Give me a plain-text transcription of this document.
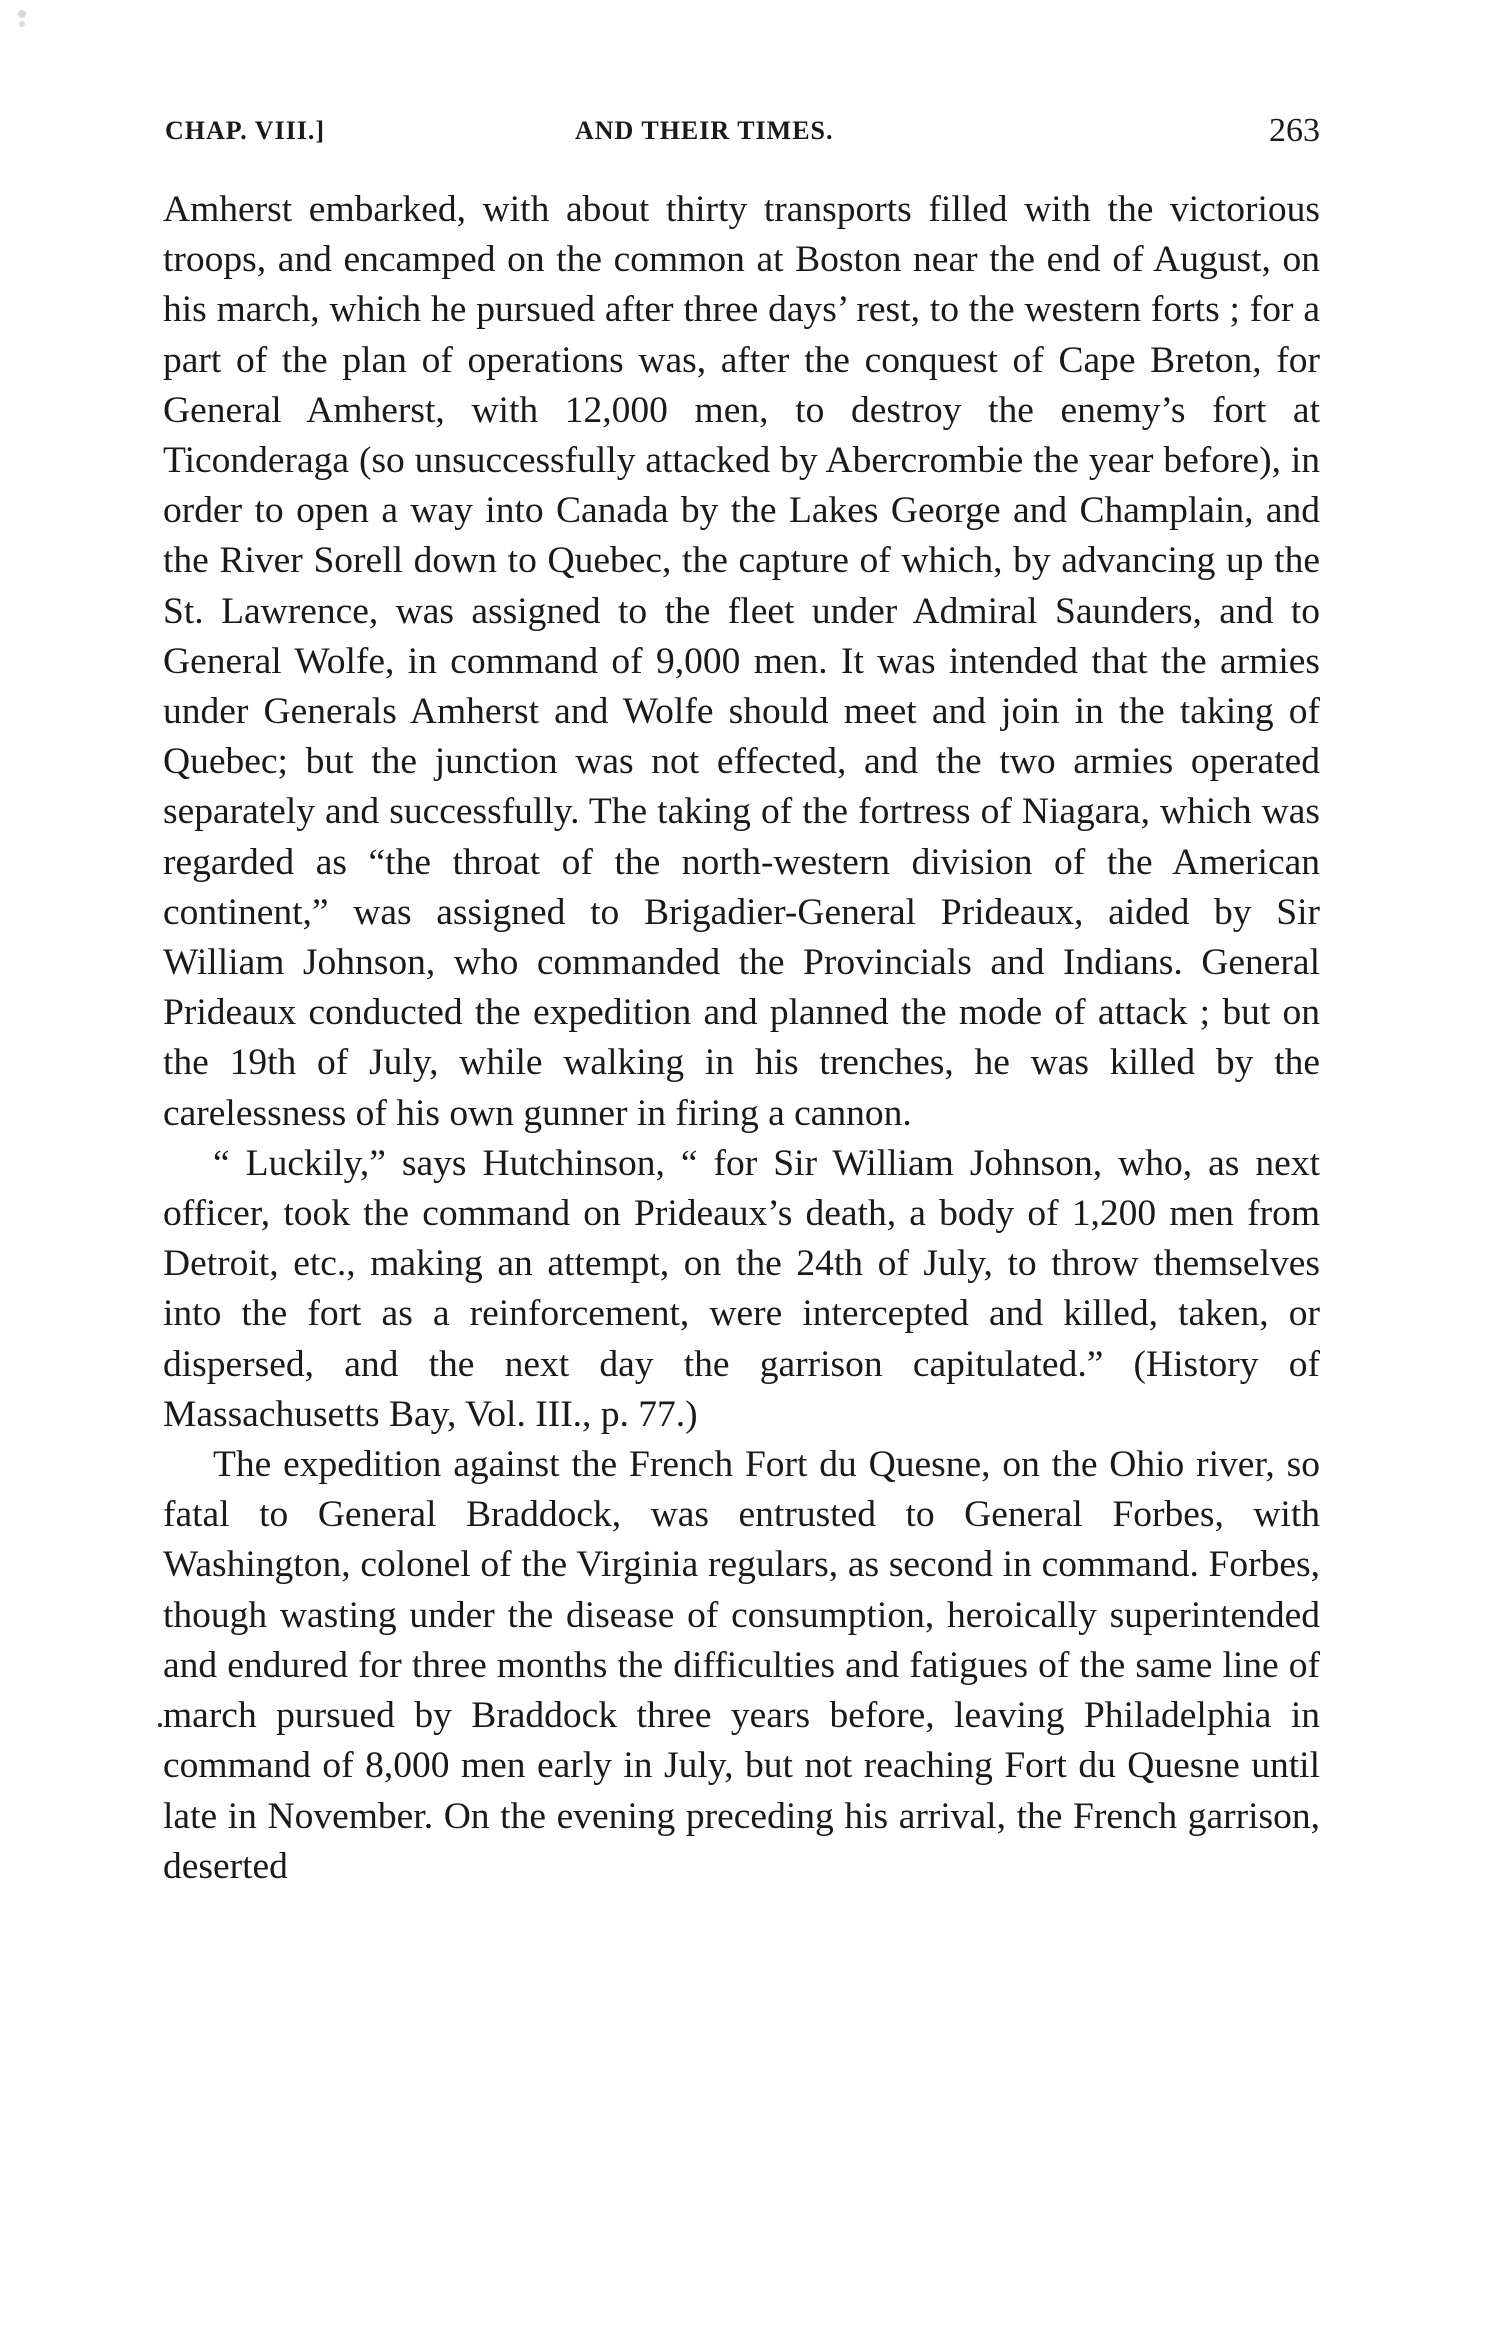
CHAP. VIII.]	AND THEIR TIMES.	263

Amherst embarked, with about thirty transports filled with the victorious troops, and encamped on the common at Boston near the end of August, on his march, which he pursued after three days’ rest, to the western forts ; for a part of the plan of operations was, after the conquest of Cape Breton, for General Amherst, with 12,000 men, to destroy the enemy’s fort at Ticonderaga (so unsuccessfully attacked by Abercrombie the year before), in order to open a way into Canada by the Lakes George and Champlain, and the River Sorell down to Quebec, the capture of which, by advancing up the St. Lawrence, was assigned to the fleet under Admiral Saunders, and to General Wolfe, in command of 9,000 men. It was intended that the armies under Generals Amherst and Wolfe should meet and join in the taking of Quebec; but the junction was not effected, and the two armies operated separately and successfully. The taking of the fortress of Niagara, which was regarded as “the throat of the north-western division of the American continent,” was assigned to Brigadier-General Prideaux, aided by Sir William Johnson, who commanded the Provincials and Indians. General Prideaux conducted the expedition and planned the mode of attack ; but on the 19th of July, while walking in his trenches, he was killed by the carelessness of his own gunner in firing a cannon.

“ Luckily,” says Hutchinson, “ for Sir William Johnson, who, as next officer, took the command on Prideaux’s death, a body of 1,200 men from Detroit, etc., making an attempt, on the 24th of July, to throw themselves into the fort as a reinforcement, were intercepted and killed, taken, or dispersed, and the next day the garrison capitulated.” (History of Massachusetts Bay, Vol. III., p. 77.)

The expedition against the French Fort du Quesne, on the Ohio river, so fatal to General Braddock, was entrusted to General Forbes, with Washington, colonel of the Virginia regulars, as second in command. Forbes, though wasting under the disease of consumption, heroically superintended and endured for three months the difficulties and fatigues of the same line of march pursued by Braddock three years before, leaving Philadelphia in command of 8,000 men early in July, but not reaching Fort du Quesne until late in November. On the evening preceding his arrival, the French garrison, deserted
